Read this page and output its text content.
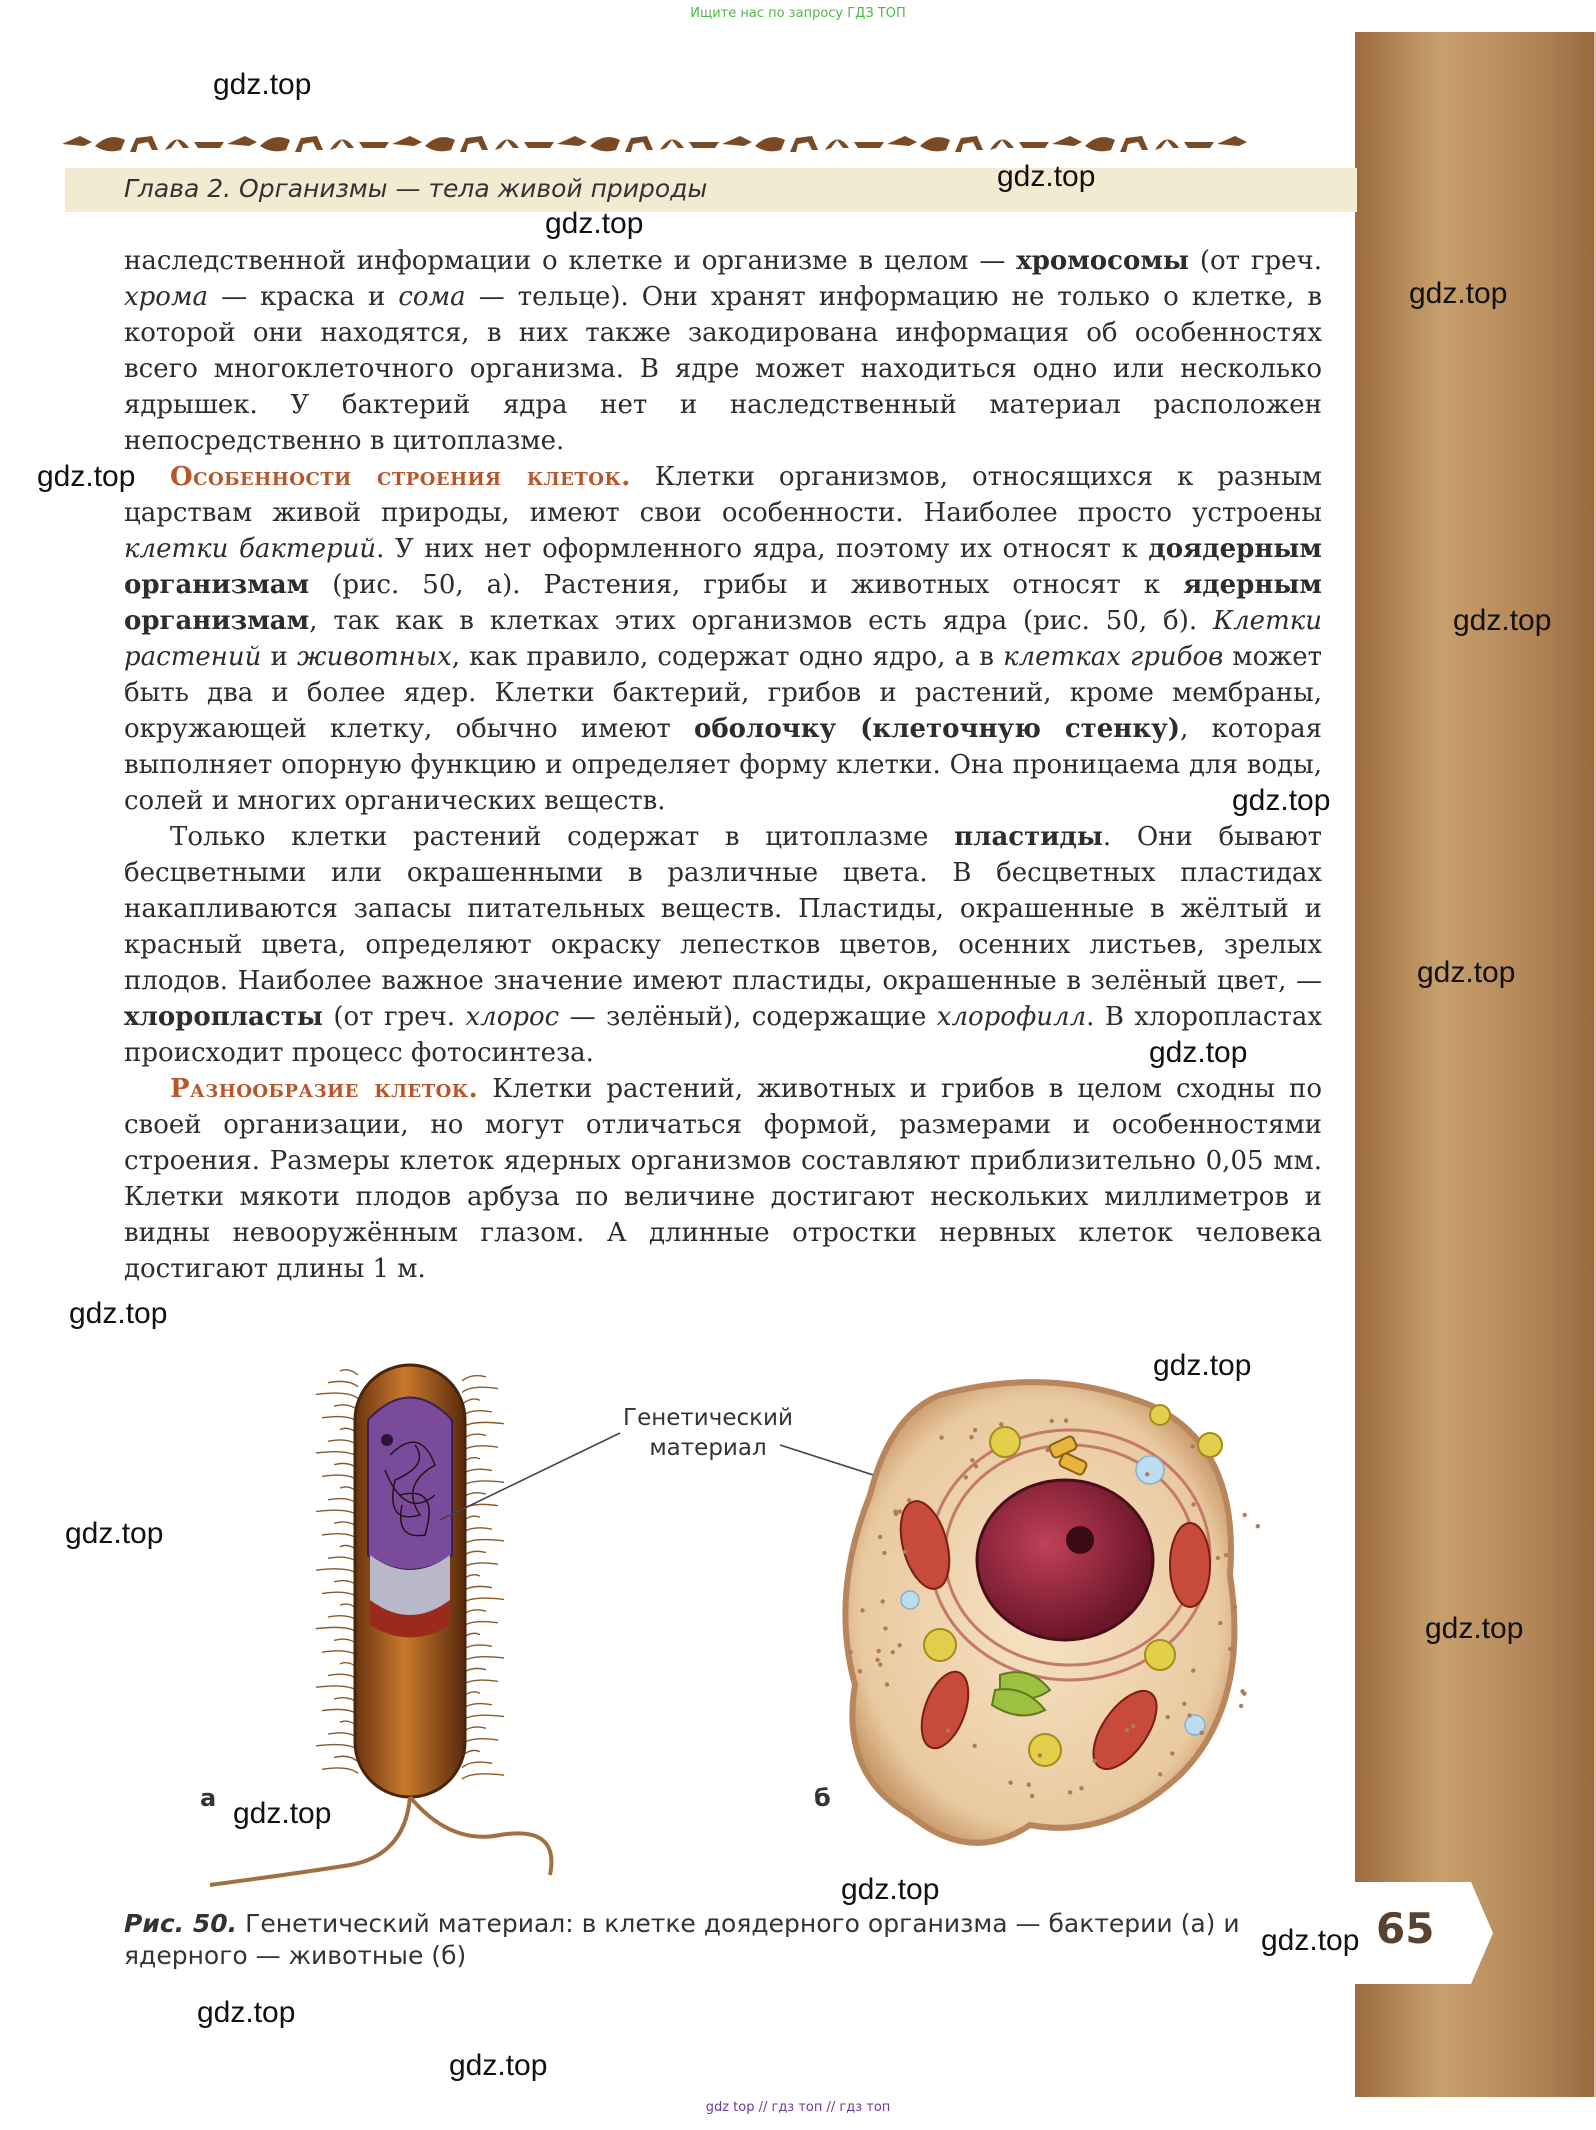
Ищите нас по запросу ГДЗ ТОП
Глава 2. Организмы — тела живой природы

наследственной информации о клетке и организме в целом — хромосомы (от греч. хрома — краска и сома — тельце). Они хранят информацию не только о клетке, в которой они находятся, в них также закодирована информация об особенностях всего многоклеточного организма. В ядре может находиться одно или несколько ядрышек. У бактерий ядра нет и наследственный материал расположен непосредственно в цитоплазме.

Особенности строения клеток. Клетки организмов, относящихся к разным царствам живой природы, имеют свои особенности. Наиболее просто устроены клетки бактерий. У них нет оформленного ядра, поэтому их относят к доядерным организмам (рис. 50, а). Растения, грибы и животных относят к ядерным организмам, так как в клетках этих организмов есть ядра (рис. 50, б). Клетки растений и животных, как правило, содержат одно ядро, а в клетках грибов может быть два и более ядер. Клетки бактерий, грибов и растений, кроме мембраны, окружающей клетку, обычно имеют оболочку (клеточную стенку), которая выполняет опорную функцию и определяет форму клетки. Она проницаема для воды, солей и многих органических веществ.

Только клетки растений содержат в цитоплазме пластиды. Они бывают бесцветными или окрашенными в различные цвета. В бесцветных пластидах накапливаются запасы питательных веществ. Пластиды, окрашенные в жёлтый и красный цвета, определяют окраску лепестков цветов, осенних листьев, зрелых плодов. Наиболее важное значение имеют пластиды, окрашенные в зелёный цвет, — хлоропласты (от греч. хлорос — зелёный), содержащие хлорофилл. В хлоропластах происходит процесс фотосинтеза.

Разнообразие клеток. Клетки растений, животных и грибов в целом сходны по своей организации, но могут отличаться формой, размерами и особенностями строения. Размеры клеток ядерных организмов составляют приблизительно 0,05 мм. Клетки мякоти плодов арбуза по величине достигают нескольких миллиметров и видны невооружённым глазом. А длинные отростки нервных клеток человека достигают длины 1 м.

а	б
Генетический
материал
Рис. 50. Генетический материал: в клетке доядерного организма — бактерии (а) и ядерного — животные (б)
65
gdz.top
gdz.top
gdz.top
gdz.top
gdz.top
gdz.top
gdz.top
gdz.top
gdz.top
gdz.top
gdz.top
gdz.top
gdz.top
gdz.top
gdz.top
gdz.top
gdz.top
gdz.top
gdz top // гдз топ // гдз топ
